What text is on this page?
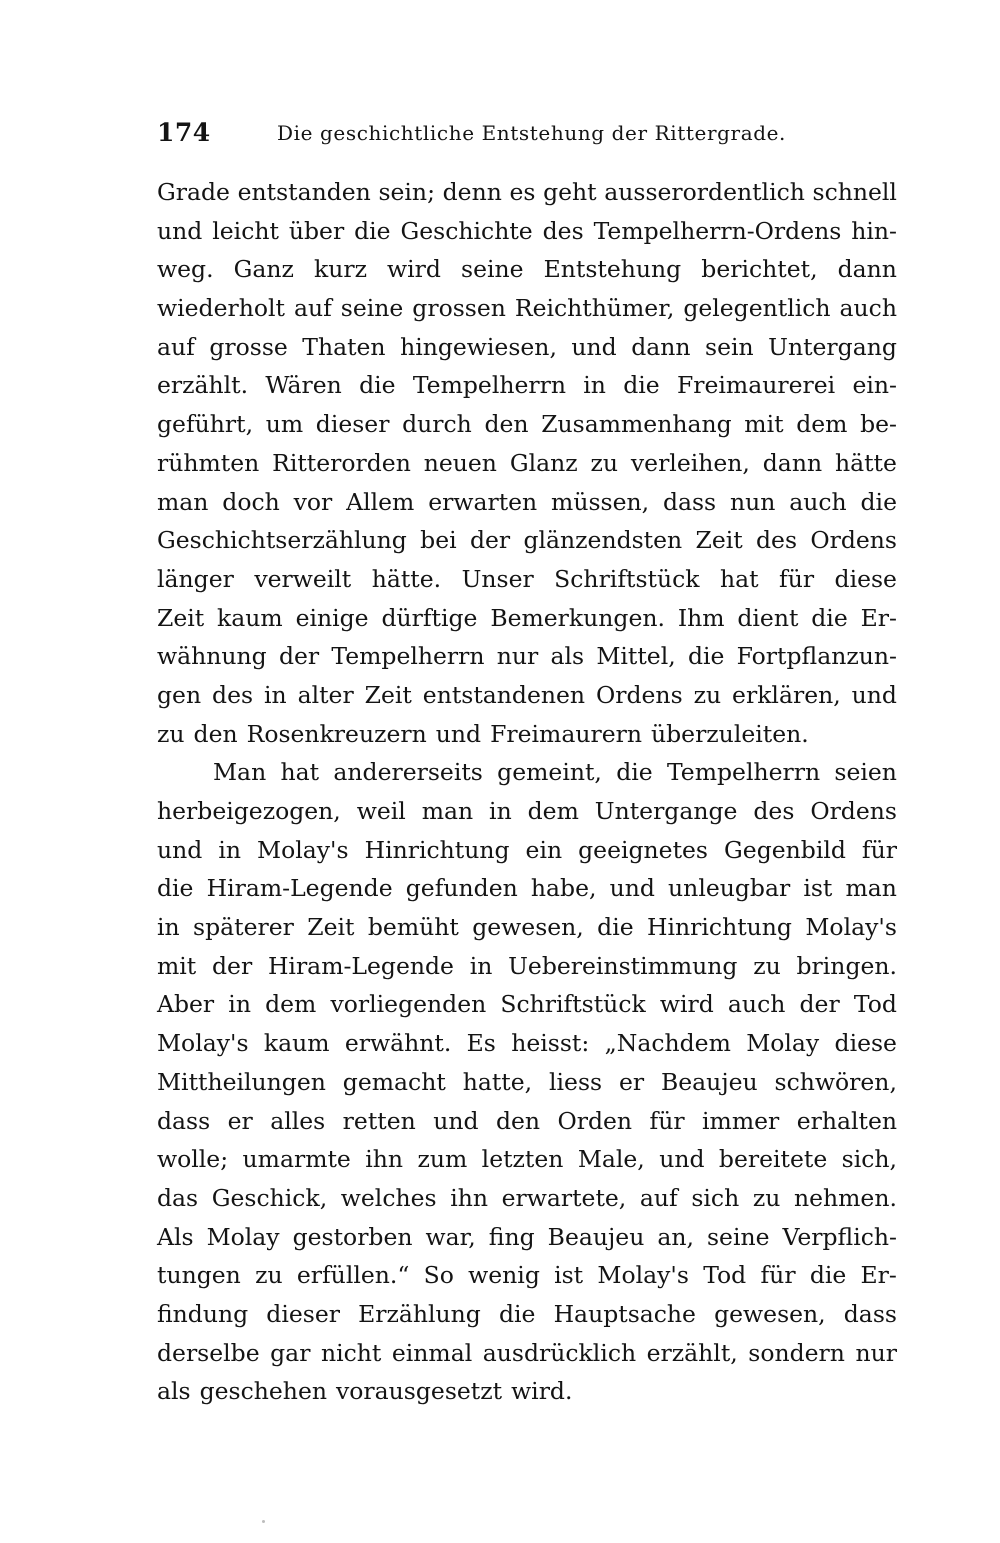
174	Die geschichtliche Entstehung der Rittergrade.
Grade entstanden sein; denn es geht ausserordentlich schnell
und leicht über die Geschichte des Tempelherrn-Ordens hin-
weg. Ganz kurz wird seine Entstehung berichtet, dann
wiederholt auf seine grossen Reichthümer, gelegentlich auch
auf grosse Thaten hingewiesen, und dann sein Untergang
erzählt. Wären die Tempelherrn in die Freimaurerei ein-
geführt, um dieser durch den Zusammenhang mit dem be-
rühmten Ritterorden neuen Glanz zu verleihen, dann hätte
man doch vor Allem erwarten müssen, dass nun auch die
Geschichtserzählung bei der glänzendsten Zeit des Ordens
länger verweilt hätte. Unser Schriftstück hat für diese
Zeit kaum einige dürftige Bemerkungen. Ihm dient die Er-
wähnung der Tempelherrn nur als Mittel, die Fortpflanzun-
gen des in alter Zeit entstandenen Ordens zu erklären, und
zu den Rosenkreuzern und Freimaurern überzuleiten.
Man hat andererseits gemeint, die Tempelherrn seien
herbeigezogen, weil man in dem Untergange des Ordens
und in Molay's Hinrichtung ein geeignetes Gegenbild für
die Hiram-Legende gefunden habe, und unleugbar ist man
in späterer Zeit bemüht gewesen, die Hinrichtung Molay's
mit der Hiram-Legende in Uebereinstimmung zu bringen.
Aber in dem vorliegenden Schriftstück wird auch der Tod
Molay's kaum erwähnt. Es heisst: „Nachdem Molay diese
Mittheilungen gemacht hatte, liess er Beaujeu schwören,
dass er alles retten und den Orden für immer erhalten
wolle; umarmte ihn zum letzten Male, und bereitete sich,
das Geschick, welches ihn erwartete, auf sich zu nehmen.
Als Molay gestorben war, fing Beaujeu an, seine Verpflich-
tungen zu erfüllen.“ So wenig ist Molay's Tod für die Er-
findung dieser Erzählung die Hauptsache gewesen, dass
derselbe gar nicht einmal ausdrücklich erzählt, sondern nur
als geschehen vorausgesetzt wird.
